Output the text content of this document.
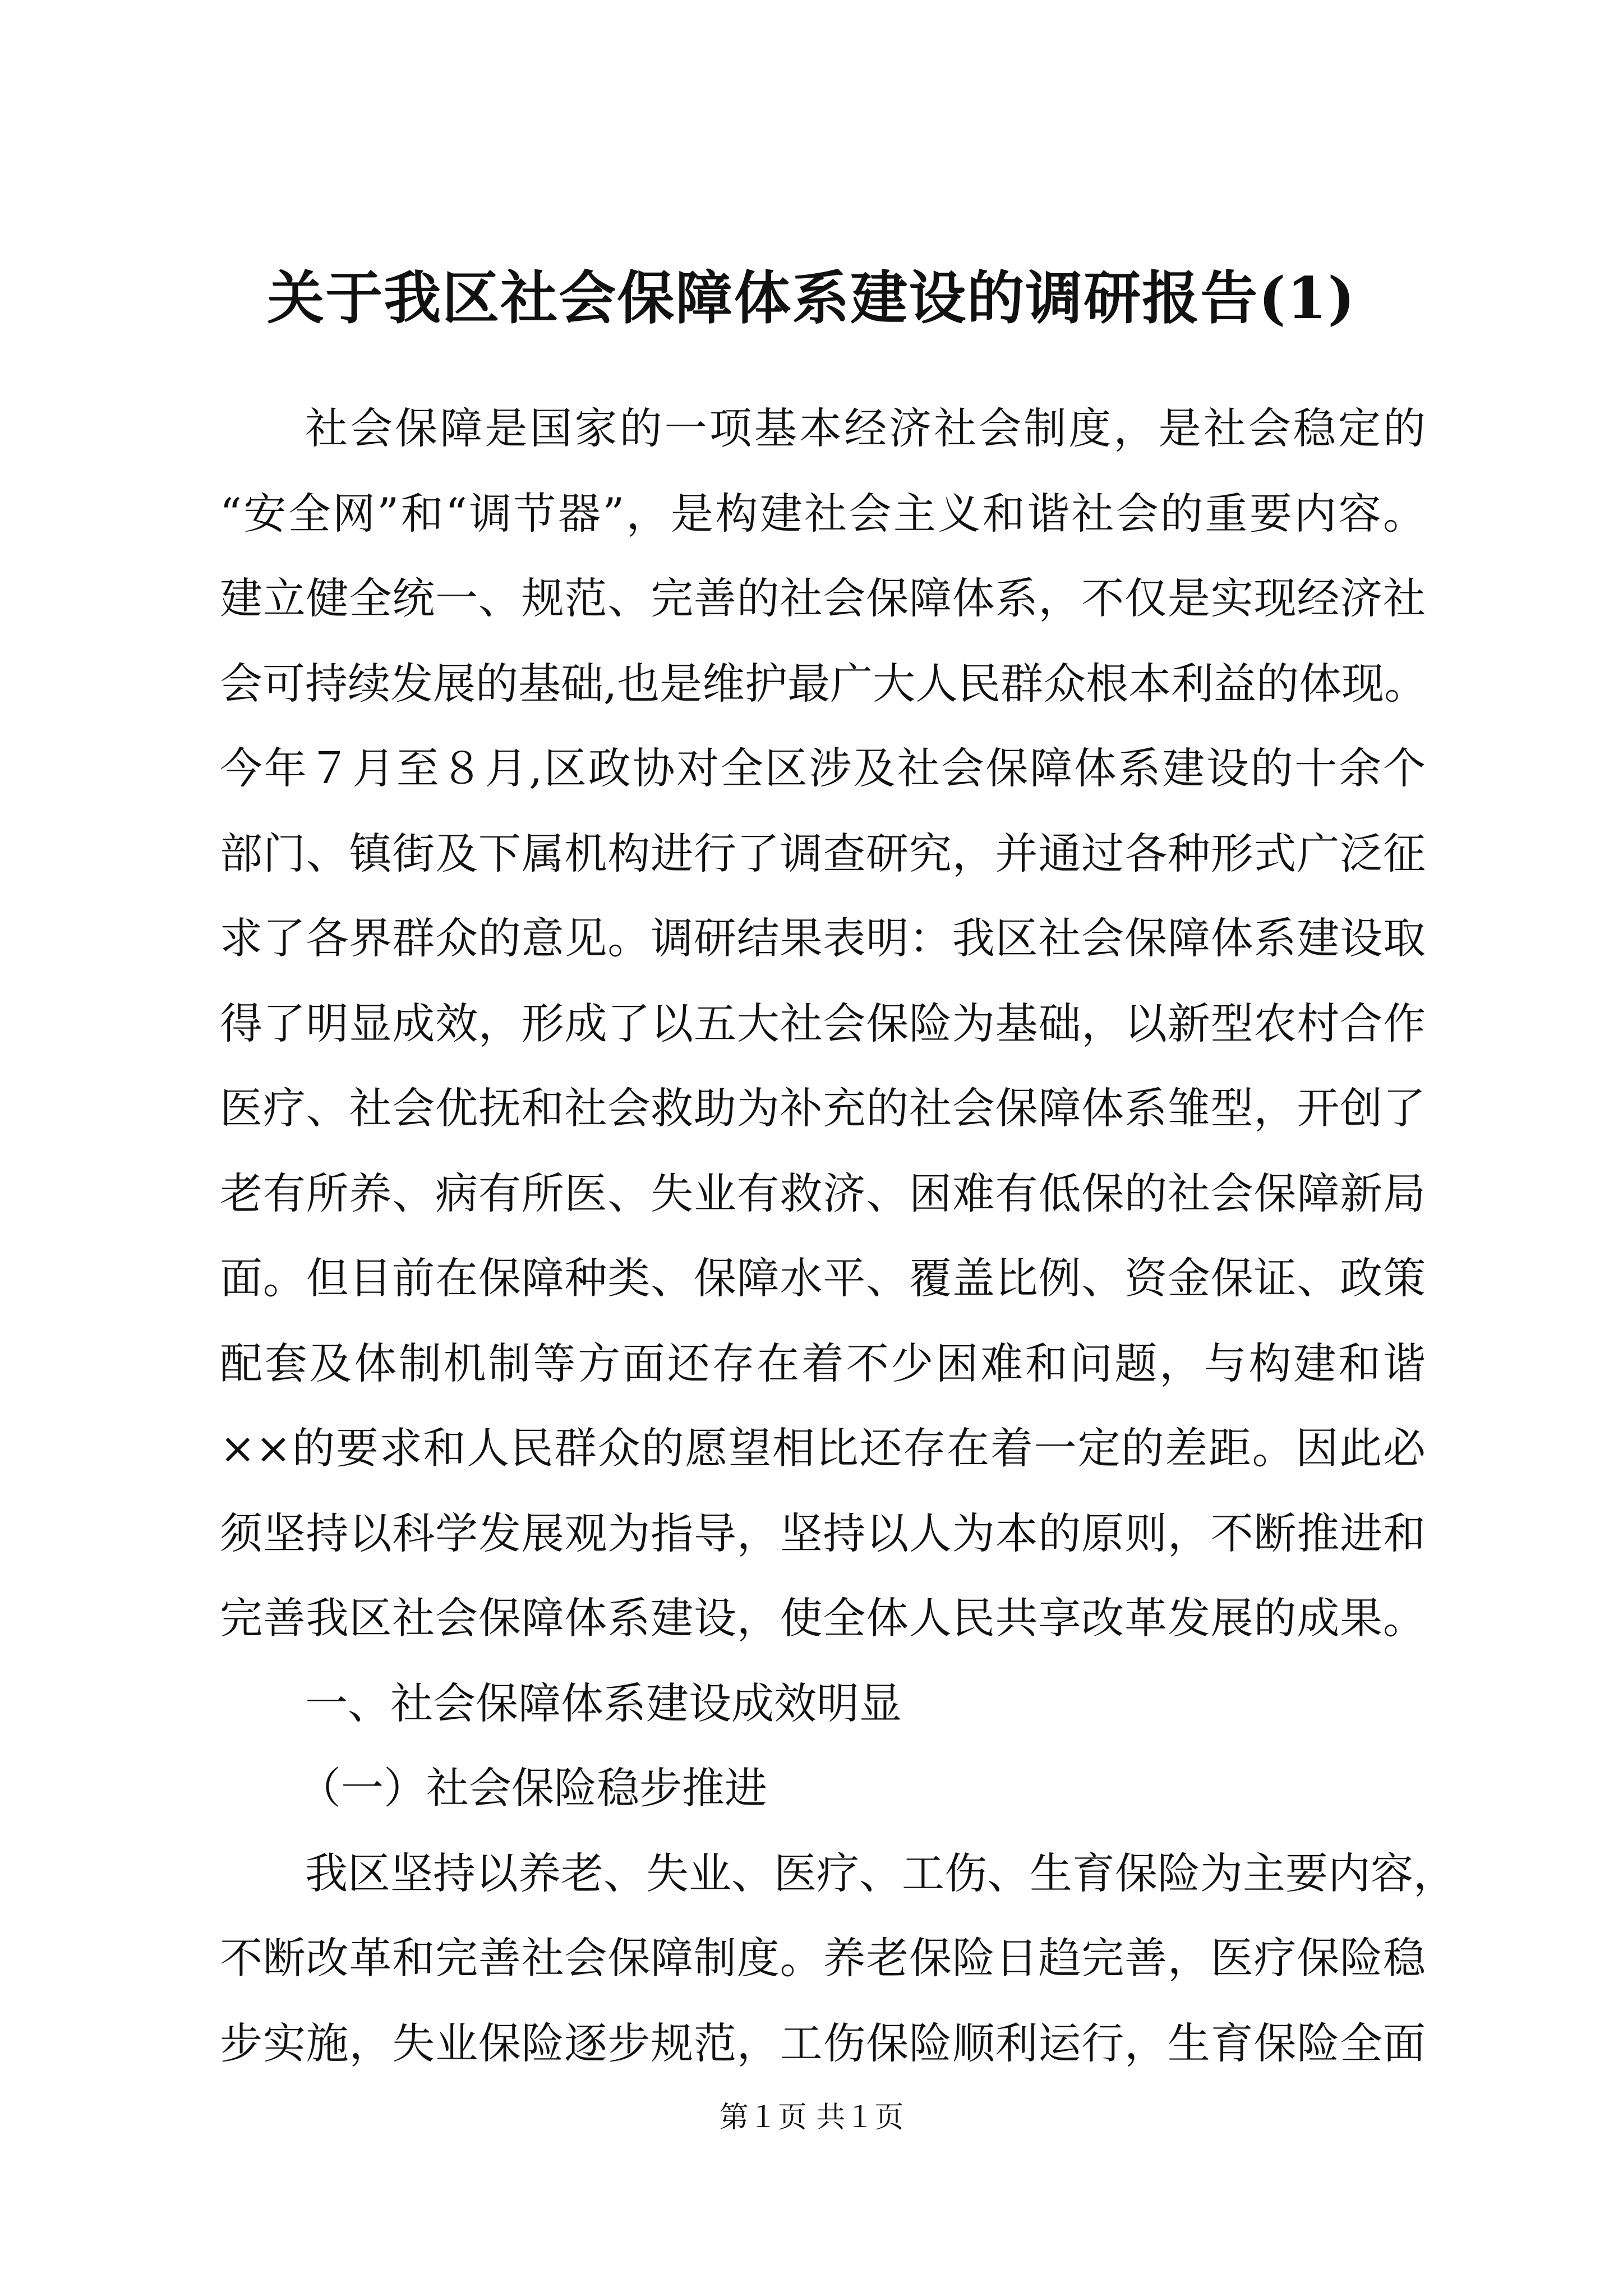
关于我区社会保障体系建设的调研报告(1)

社会保障是国家的一项基本经济社会制度，是社会稳定的
“安全网”和“调节器”，是构建社会主义和谐社会的重要内容。
建立健全统一、规范、完善的社会保障体系，不仅是实现经济社
会可持续发展的基础,也是维护最广大人民群众根本利益的体现。
今年７月至８月,区政协对全区涉及社会保障体系建设的十余个
部门、镇街及下属机构进行了调查研究，并通过各种形式广泛征
求了各界群众的意见。调研结果表明：我区社会保障体系建设取
得了明显成效，形成了以五大社会保险为基础，以新型农村合作
医疗、社会优抚和社会救助为补充的社会保障体系雏型，开创了
老有所养、病有所医、失业有救济、困难有低保的社会保障新局
面。但目前在保障种类、保障水平、覆盖比例、资金保证、政策
配套及体制机制等方面还存在着不少困难和问题，与构建和谐
××的要求和人民群众的愿望相比还存在着一定的差距。因此必
须坚持以科学发展观为指导，坚持以人为本的原则，不断推进和
完善我区社会保障体系建设，使全体人民共享改革发展的成果。

一、社会保障体系建设成效明显

（一）社会保险稳步推进

我区坚持以养老、失业、医疗、工伤、生育保险为主要内容，
不断改革和完善社会保障制度。养老保险日趋完善，医疗保险稳
步实施，失业保险逐步规范，工伤保险顺利运行，生育保险全面

第１页 共１页
